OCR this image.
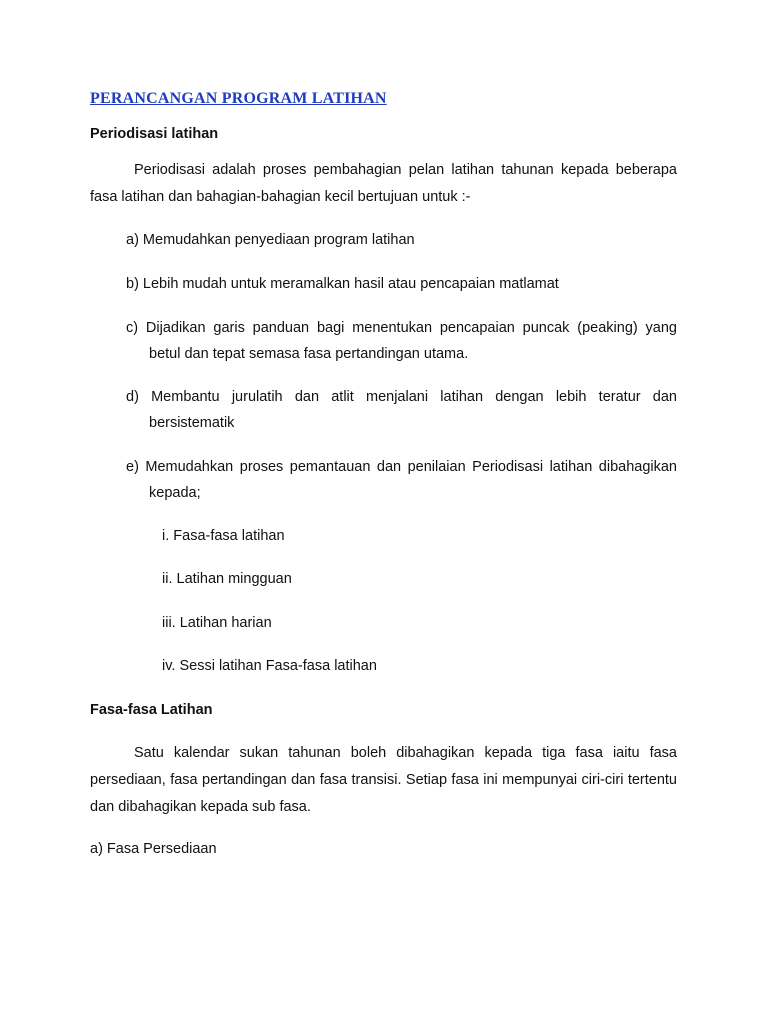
PERANCANGAN PROGRAM LATIHAN
Periodisasi latihan

Periodisasi adalah proses pembahagian pelan latihan tahunan kepada beberapa fasa latihan dan bahagian-bahagian kecil bertujuan untuk :-

a) Memudahkan penyediaan program latihan

b) Lebih mudah untuk meramalkan hasil atau pencapaian matlamat

c) Dijadikan garis panduan bagi menentukan pencapaian puncak (peaking) yang betul dan tepat semasa fasa pertandingan utama.

d) Membantu jurulatih dan atlit menjalani latihan dengan lebih teratur dan bersistematik

e) Memudahkan proses pemantauan dan penilaian Periodisasi latihan dibahagikan kepada;

i. Fasa-fasa latihan

ii. Latihan mingguan

iii. Latihan harian

iv. Sessi latihan Fasa-fasa latihan

Fasa-fasa Latihan

Satu kalendar sukan tahunan boleh dibahagikan kepada tiga fasa iaitu fasa persediaan, fasa pertandingan dan fasa transisi. Setiap fasa ini mempunyai ciri-ciri tertentu dan dibahagikan kepada sub fasa.

a) Fasa Persediaan
